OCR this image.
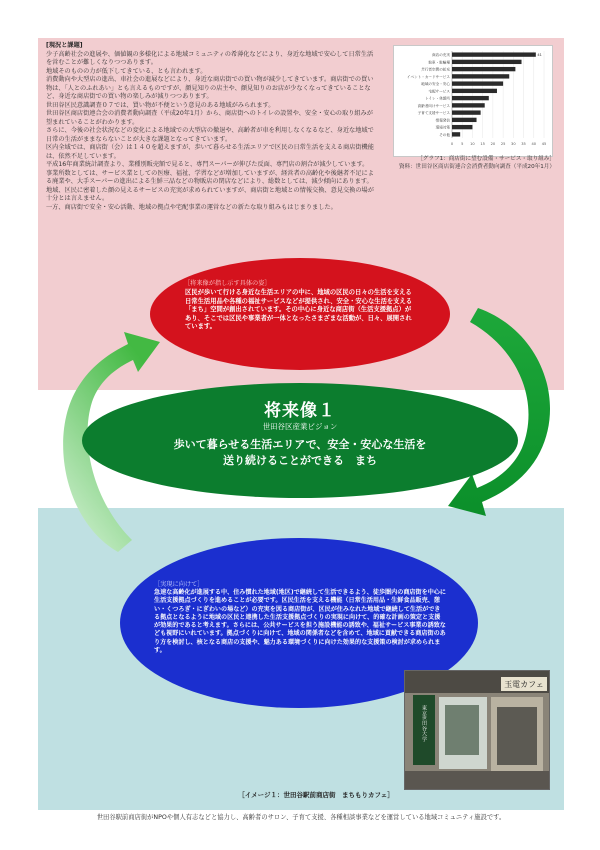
[現況と課題]

少子高齢社会の進展や、価値観の多様化による地域コミュニティの希薄化などにより、身近な地域で安心して日常生活を営むことが難しくなりつつあります。

地域そのものの力が低下してきている、とも言われます。

消費動向や大型店の進出、車社会の進展などにより、身近な商店街での買い物が減少してきています。商店街での買い物は、「人とのふれあい」とも言えるものですが、顔見知りの店主や、顔見知りのお店が少なくなってきていることなど、身近な商店街での買い物の楽しみが減りつつあります。

世田谷区民意識調査０７では、買い物が不便という意見のある地域がみられます。

世田谷区商店街連合会の消費者動向調査（平成20年1月）から、商店街へのトイレの設置や、安全・安心の取り組みが望まれていることがわかります。

さらに、今後の社会状況などの変化による地域での大型店の撤退や、高齢者が車を利用しなくなるなど、身近な地域で日常の生活がままならないことが大きな課題となってきています。

区内全域では、商店街（会）は１４０を超えますが、歩いて暮らせる生活エリアで区民の日常生活を支える商店街機能は、依然不足しています。

平成16年商業統計調査より、業種別販売額で見ると、専門スーパーが伸びた反面、専門店の割合が減少しています。

事業所数としては、サービス業としての医療、福祉、学習などが増加していますが、経営者の高齢化や後継者不足による廃業や、大手スーパーの進出による生鮮三品などの物販店の閉店などにより、総数としては、減少傾向にあります。

地域、区民に密着した顔の見えるサービスの充実が求められていますが、商店街と地域との情報交換、意見交換の場が十分とは言えません。

一方、商店街で安全・安心活動、地域の拠点や宅配事業の運営などの新たな取り組みもはじまりました。

0 5 10 15 20 25 30 35 40 45
商店の充実	41
駐車・駐輪場
歩行者空間の拡充
イベント・カードサービス
地域の安全・安心
宅配サービス
トイレ・休憩所
高齢者向けサービス
子育て支援サービス
情報発信
環境対策
その他
［グラフ1：商店街に望む設備・サービス・取り組み］
資料：世田谷区商店街連合会消費者動向調査（平成20年1月）
［将来像が指し示す具体の姿］
区民が歩いて行ける身近な生活エリアの中に、地域の区民の日々の生活を支える日常生活用品や各種の福祉サービスなどが提供され、安全・安心な生活を支える「まち」空間が創出されています。その中心に身近な商店街（生活支援拠点）があり、そこでは区民や事業者が一体となったさまざまな活動が、日々、展開されています。
将来像１
世田谷区産業ビジョン
歩いて暮らせる生活エリアで、安全・安心な生活を送り続けることができる　まち
［実現に向けて］
急速な高齢化が進展する中、住み慣れた地域(地区)で継続して生活できるよう、徒歩圏内の商店街を中心に生活支援拠点づくりを進めることが必要です。区民生活を支える機能（日常生活用品・生鮮食品販売、憩い・くつろぎ・にぎわいの場など）の充実を図る商店街が、区民が住みなれた地域で継続して生活ができる拠点となるように地域の区民と連携した生活支援拠点づくりの実現に向けて、的確な計画の策定と支援が効果的であると考えます。さらには、公共サービスを担う施設機能の誘致や、福祉サービス事業の誘致なども視野にいれています。拠点づくりに向けて、地域の関係者などを含めて、地域に貢献できる商店街のあり方を検討し、核となる商店の支援や、魅力ある環境づくりに向けた効果的な支援策の検討が求められます。
玉電カフェ
東京世田谷大学
［イメージ１：世田谷駅前商店街　まちもりカフェ］
世田谷駅前商店街がNPOや個人有志などと協力し、高齢者のサロン、子育て支援、各種相談事業などを運営している地域コミュニティ施設です。
